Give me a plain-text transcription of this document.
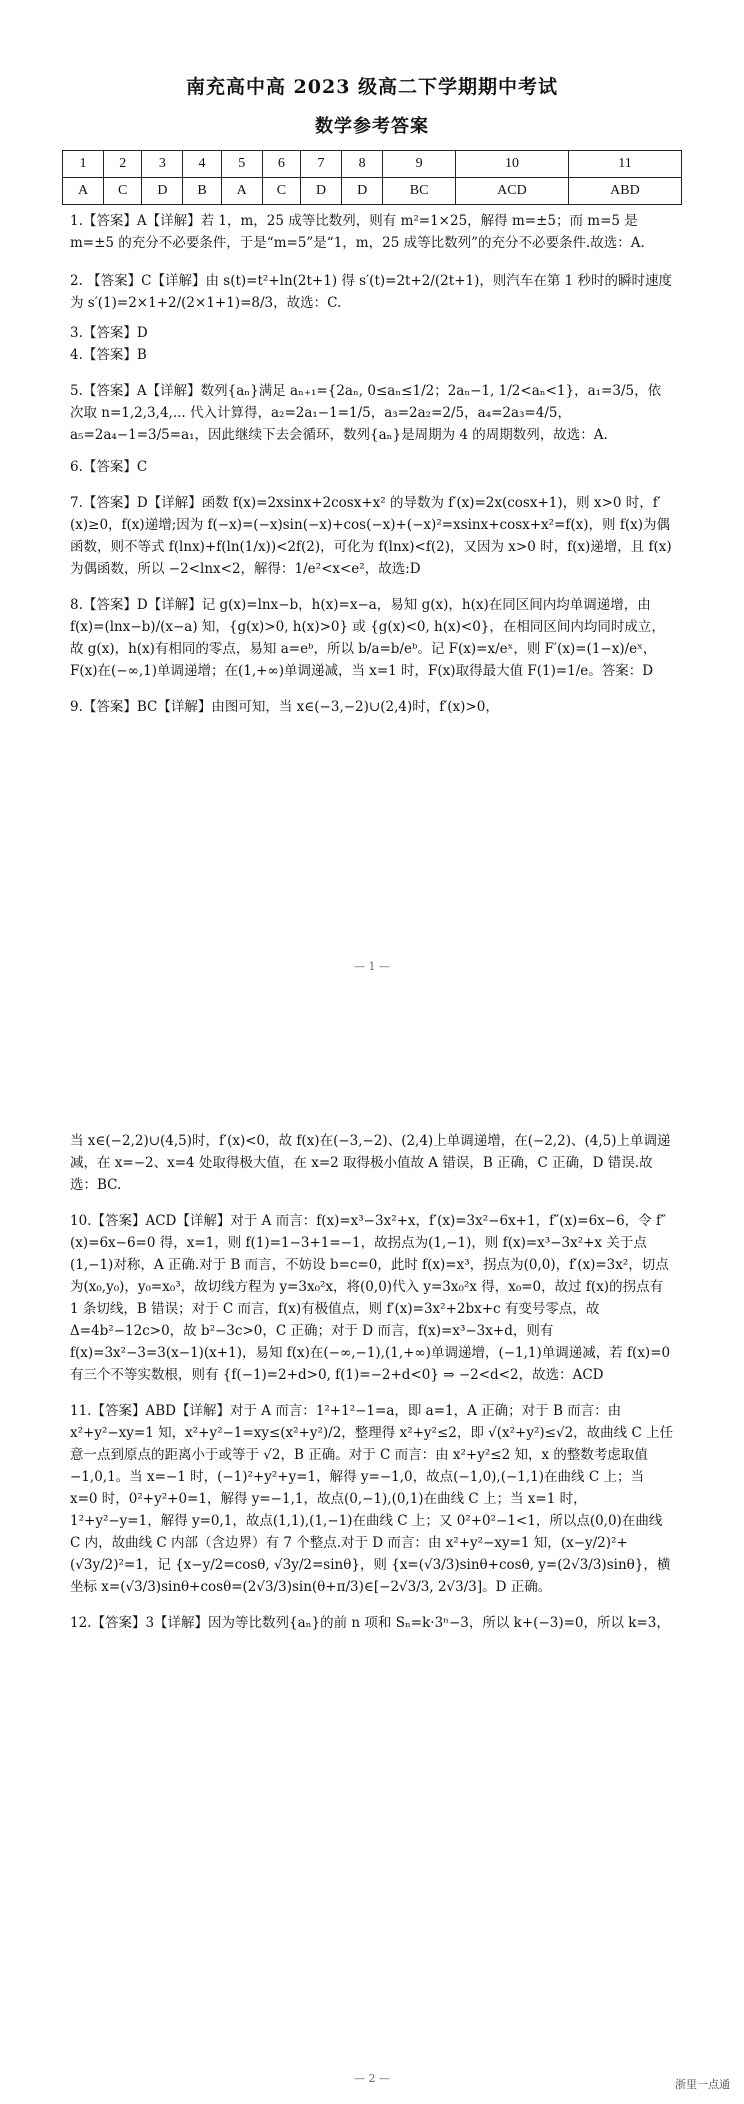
南充高中高 2023 级高二下学期期中考试
数学参考答案
1	2	3	4	5	6	7	8	9	10	11
A	C	D	B	A	C	D	D	BC	ACD	ABD

1.【答案】A【详解】若 1，m，25 成等比数列，则有 m²=1×25，解得 m=±5；而 m=5 是 m=±5 的充分不必要条件，于是“m=5”是“1，m，25 成等比数列”的充分不必要条件.故选：A.

2. 【答案】C【详解】由 s(t)=t²+ln(2t+1) 得 s′(t)=2t+2/(2t+1)，则汽车在第 1 秒时的瞬时速度为 s′(1)=2×1+2/(2×1+1)=8/3，故选：C.

3.【答案】D

4.【答案】B

5.【答案】A【详解】数列{aₙ}满足 aₙ₊₁={2aₙ, 0≤aₙ≤1/2；2aₙ−1, 1/2<aₙ<1}，a₁=3/5，依次取 n=1,2,3,4,... 代入计算得，a₂=2a₁−1=1/5，a₃=2a₂=2/5，a₄=2a₃=4/5，a₅=2a₄−1=3/5=a₁，因此继续下去会循环，数列{aₙ}是周期为 4 的周期数列，故选：A.

6.【答案】C

7.【答案】D【详解】函数 f(x)=2xsinx+2cosx+x² 的导数为 f′(x)=2x(cosx+1)，则 x>0 时，f′(x)≥0，f(x)递增;因为 f(−x)=(−x)sin(−x)+cos(−x)+(−x)²=xsinx+cosx+x²=f(x)，则 f(x)为偶函数，则不等式 f(lnx)+f(ln(1/x))<2f(2)，可化为 f(lnx)<f(2)，又因为 x>0 时，f(x)递增，且 f(x)为偶函数，所以 −2<lnx<2，解得：1/e²<x<e²，故选:D

8.【答案】D【详解】记 g(x)=lnx−b，h(x)=x−a，易知 g(x)，h(x)在同区间内均单调递增，由 f(x)=(lnx−b)/(x−a) 知，{g(x)>0, h(x)>0} 或 {g(x)<0, h(x)<0}，在相同区间内均同时成立，故 g(x)，h(x)有相同的零点，易知 a=eᵇ，所以 b/a=b/eᵇ。记 F(x)=x/eˣ，则 F′(x)=(1−x)/eˣ，F(x)在(−∞,1)单调递增；在(1,+∞)单调递减，当 x=1 时，F(x)取得最大值 F(1)=1/e。答案：D

9.【答案】BC【详解】由图可知，当 x∈(−3,−2)∪(2,4)时，f′(x)>0，

— 1 —

当 x∈(−2,2)∪(4,5)时，f′(x)<0，故 f(x)在(−3,−2)、(2,4)上单调递增，在(−2,2)、(4,5)上单调递减，在 x=−2、x=4 处取得极大值，在 x=2 取得极小值故 A 错误，B 正确，C 正确，D 错误.故选：BC.

10.【答案】ACD【详解】对于 A 而言：f(x)=x³−3x²+x，f′(x)=3x²−6x+1，f″(x)=6x−6，令 f″(x)=6x−6=0 得，x=1，则 f(1)=1−3+1=−1，故拐点为(1,−1)，则 f(x)=x³−3x²+x 关于点(1,−1)对称，A 正确.对于 B 而言，不妨设 b=c=0，此时 f(x)=x³，拐点为(0,0)，f′(x)=3x²，切点为(x₀,y₀)，y₀=x₀³，故切线方程为 y=3x₀²x，将(0,0)代入 y=3x₀²x 得，x₀=0，故过 f(x)的拐点有 1 条切线，B 错误；对于 C 而言，f(x)有极值点，则 f′(x)=3x²+2bx+c 有变号零点，故 Δ=4b²−12c>0，故 b²−3c>0，C 正确；对于 D 而言，f(x)=x³−3x+d，则有 f(x)=3x²−3=3(x−1)(x+1)，易知 f(x)在(−∞,−1),(1,+∞)单调递增，(−1,1)单调递减，若 f(x)=0 有三个不等实数根，则有 {f(−1)=2+d>0, f(1)=−2+d<0} ⇒ −2<d<2，故选：ACD

11.【答案】ABD【详解】对于 A 而言：1²+1²−1=a，即 a=1，A 正确；对于 B 而言：由 x²+y²−xy=1 知，x²+y²−1=xy≤(x²+y²)/2，整理得 x²+y²≤2，即 √(x²+y²)≤√2，故曲线 C 上任意一点到原点的距离小于或等于 √2，B 正确。对于 C 而言：由 x²+y²≤2 知，x 的整数考虑取值−1,0,1。当 x=−1 时，(−1)²+y²+y=1，解得 y=−1,0，故点(−1,0),(−1,1)在曲线 C 上；当 x=0 时，0²+y²+0=1，解得 y=−1,1，故点(0,−1),(0,1)在曲线 C 上；当 x=1 时，1²+y²−y=1，解得 y=0,1，故点(1,1),(1,−1)在曲线 C 上；又 0²+0²−1<1，所以点(0,0)在曲线 C 内，故曲线 C 内部（含边界）有 7 个整点.对于 D 而言：由 x²+y²−xy=1 知，(x−y/2)²+(√3y/2)²=1，记 {x−y/2=cosθ, √3y/2=sinθ}，则 {x=(√3/3)sinθ+cosθ, y=(2√3/3)sinθ}，横坐标 x=(√3/3)sinθ+cosθ=(2√3/3)sin(θ+π/3)∈[−2√3/3, 2√3/3]。D 正确。

12.【答案】3【详解】因为等比数列{aₙ}的前 n 项和 Sₙ=k·3ⁿ−3，所以 k+(−3)=0，所以 k=3，

— 2 —	浙里一点通
